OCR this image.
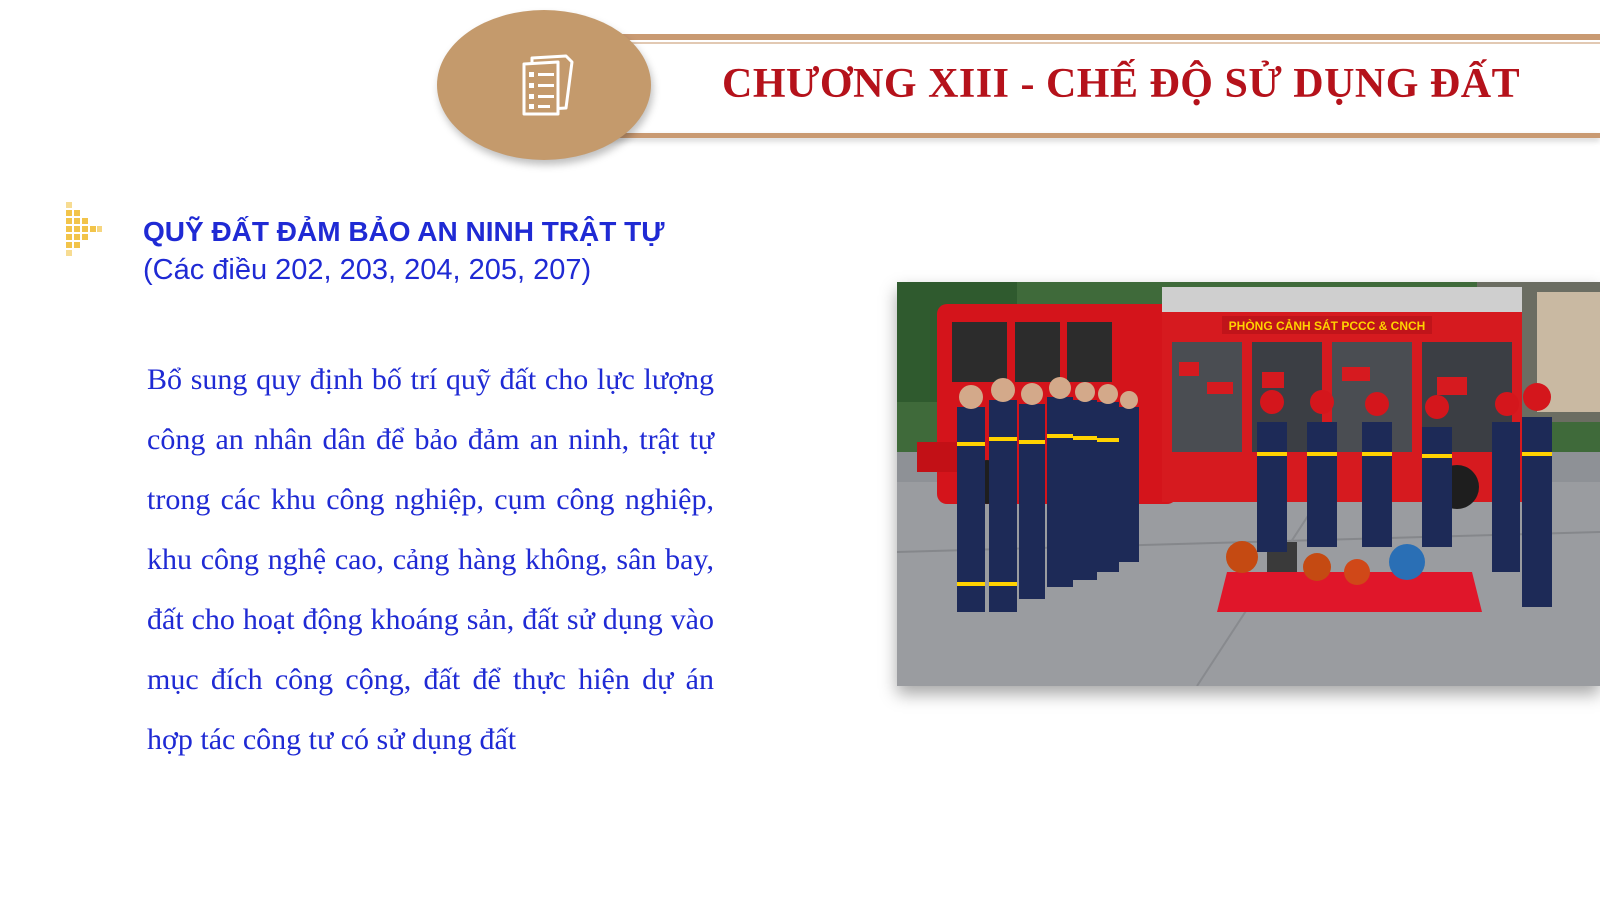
CHƯƠNG XIII - CHẾ ĐỘ SỬ DỤNG ĐẤT
QUỸ ĐẤT ĐẢM BẢO AN NINH TRẬT TỰ
(Các điều 202, 203, 204, 205, 207)
Bổ sung quy định bố trí quỹ đất cho lực lượng công an nhân dân để bảo đảm an ninh, trật tự trong các khu công nghiệp, cụm công nghiệp, khu công nghệ cao, cảng hàng không, sân bay, đất cho hoạt động khoáng sản, đất sử dụng vào mục đích công cộng, đất để thực hiện dự án hợp tác công tư có sử dụng đất
PHÒNG CẢNH SÁT PCCC & CNCH
